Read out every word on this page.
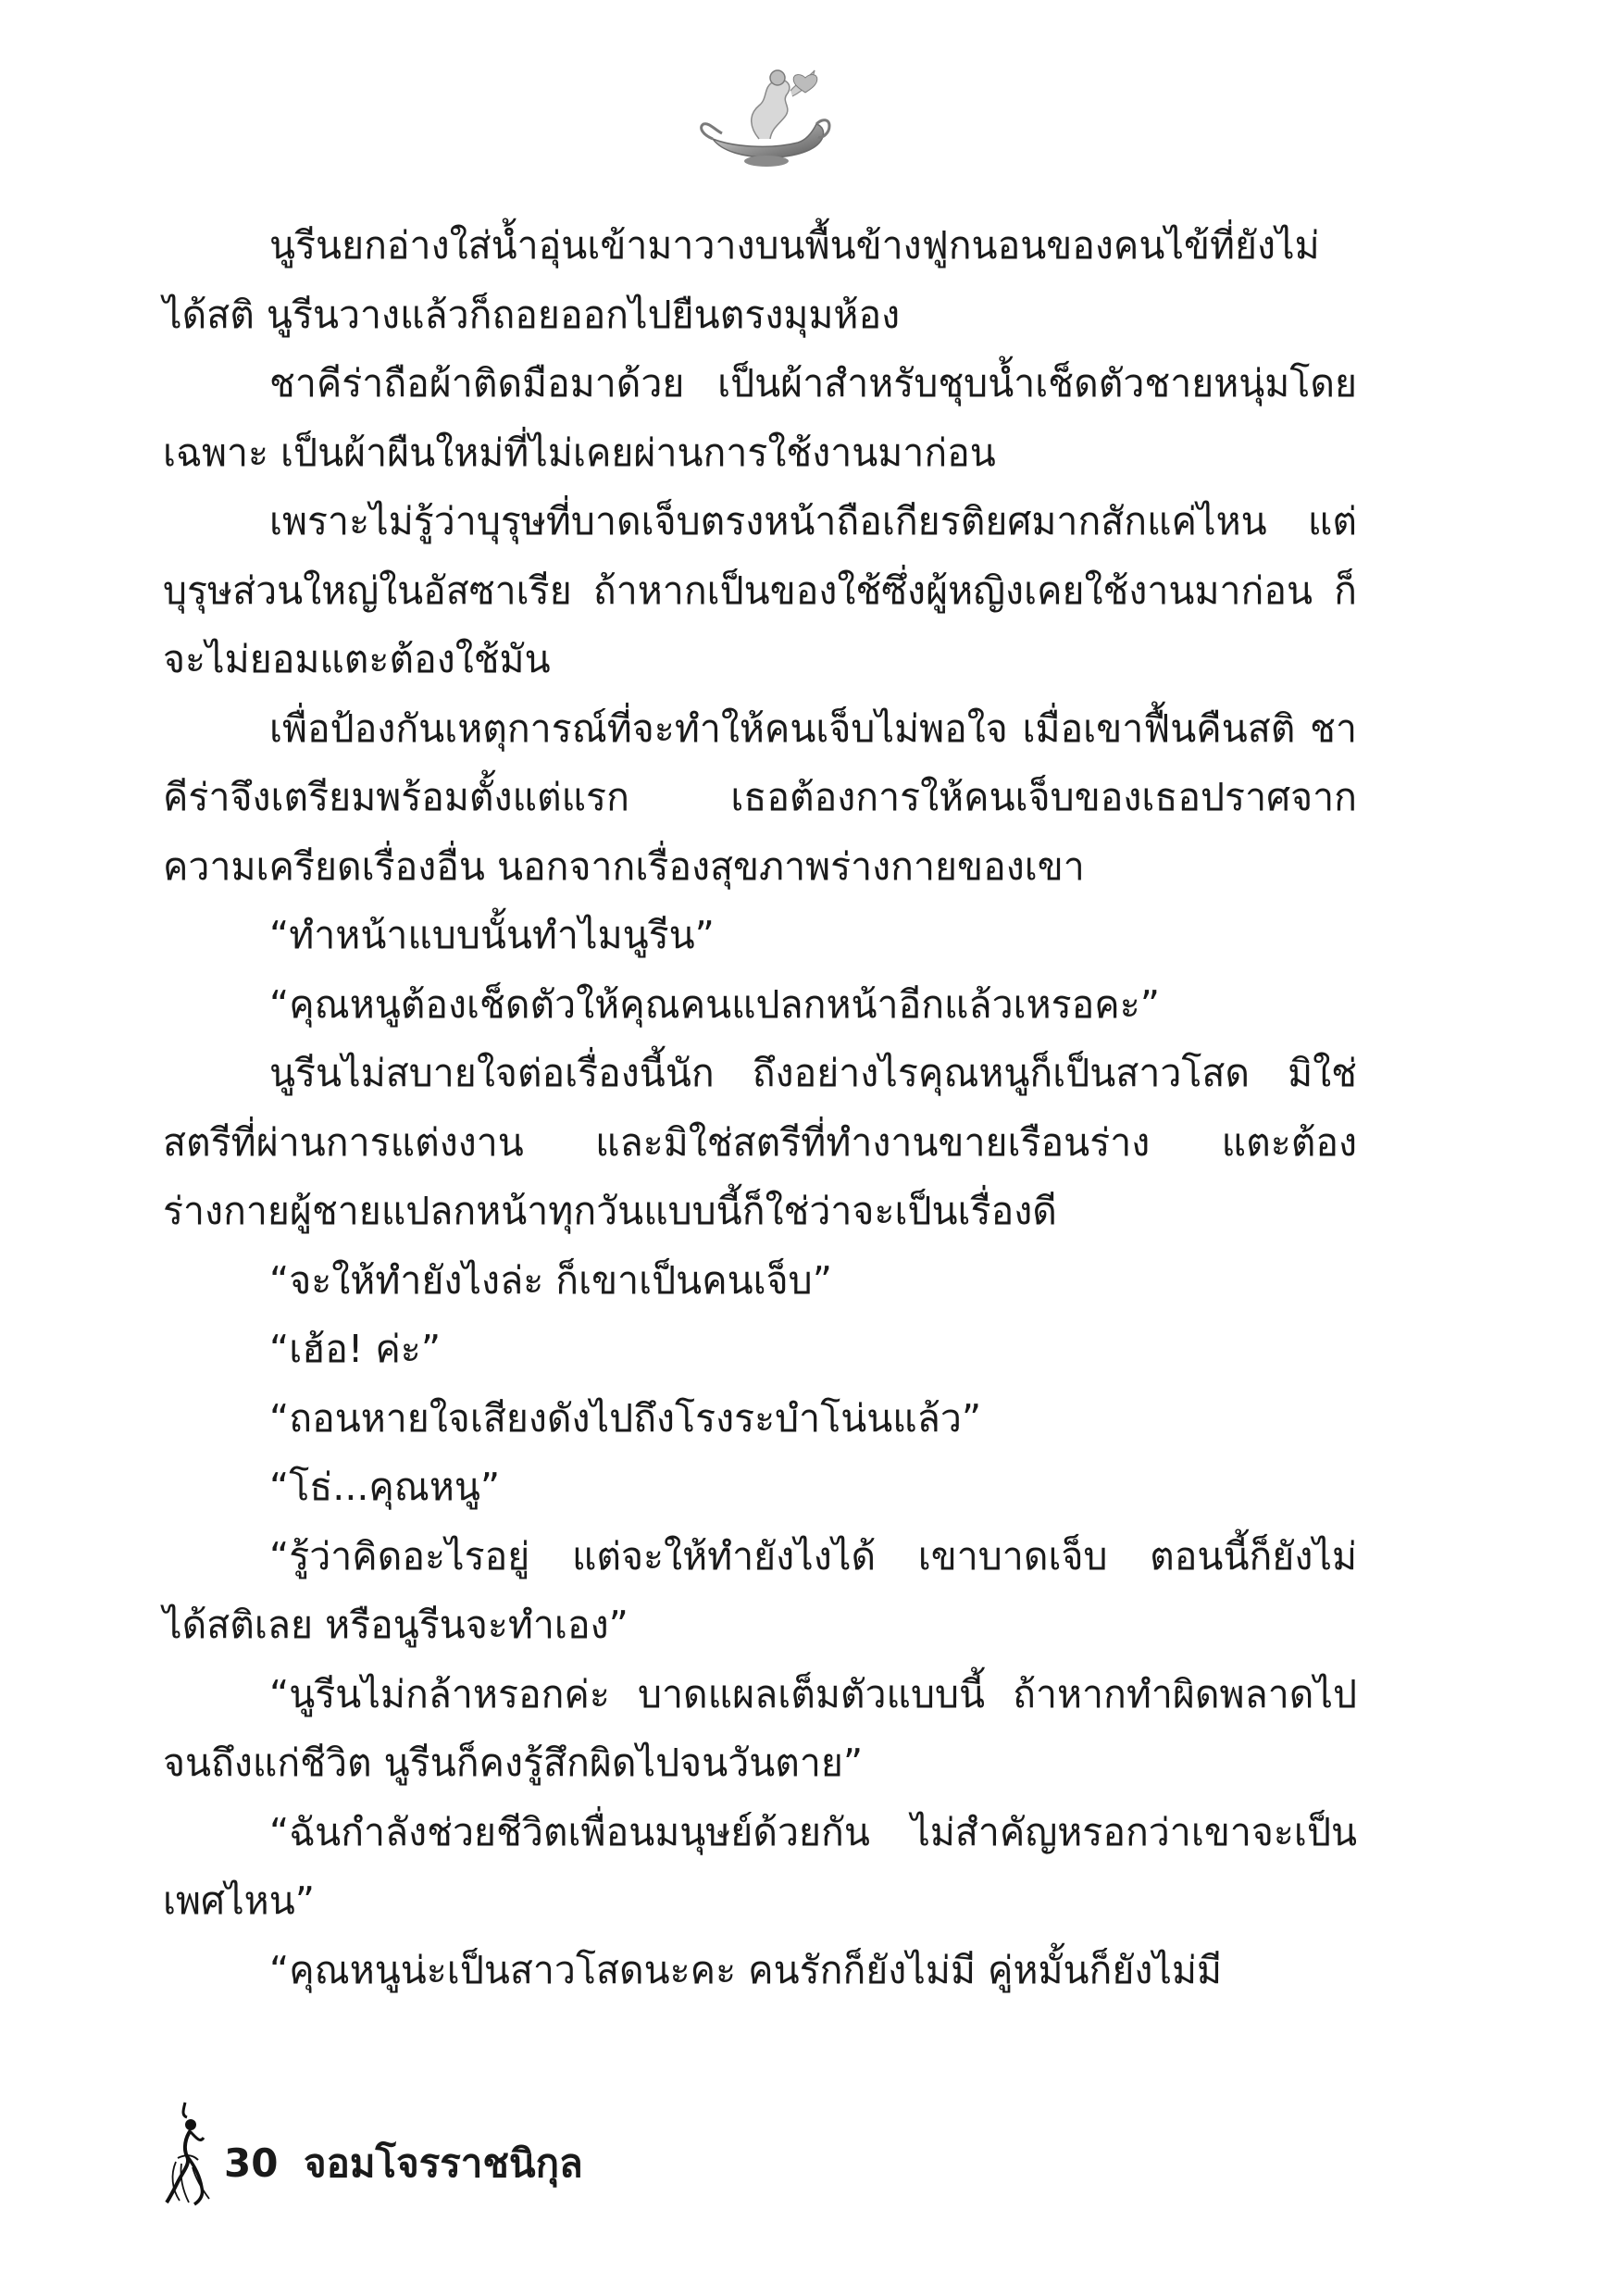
นูรีนยกอ่างใส่น้ำอุ่นเข้ามาวางบนพื้นข้างฟูกนอนของคนไข้ที่ยังไม่ได้สติ นูรีนวางแล้วก็ถอยออกไปยืนตรงมุมห้อง

ชาคีร่าถือผ้าติดมือมาด้วย เป็นผ้าสำหรับชุบน้ำเช็ดตัวชายหนุ่มโดยเฉพาะ เป็นผ้าผืนใหม่ที่ไม่เคยผ่านการใช้งานมาก่อน

เพราะไม่รู้ว่าบุรุษที่บาดเจ็บตรงหน้าถือเกียรติยศมากสักแค่ไหน แต่บุรุษส่วนใหญ่ในอัสซาเรีย ถ้าหากเป็นของใช้ซึ่งผู้หญิงเคยใช้งานมาก่อน ก็จะไม่ยอมแตะต้องใช้มัน

เพื่อป้องกันเหตุการณ์ที่จะทำให้คนเจ็บไม่พอใจ เมื่อเขาฟื้นคืนสติ ชาคีร่าจึงเตรียมพร้อมตั้งแต่แรก เธอต้องการให้คนเจ็บของเธอปราศจากความเครียดเรื่องอื่น นอกจากเรื่องสุขภาพร่างกายของเขา

“ทำหน้าแบบนั้นทำไมนูรีน”

“คุณหนูต้องเช็ดตัวให้คุณคนแปลกหน้าอีกแล้วเหรอคะ”

นูรีนไม่สบายใจต่อเรื่องนี้นัก ถึงอย่างไรคุณหนูก็เป็นสาวโสด มิใช่สตรีที่ผ่านการแต่งงาน และมิใช่สตรีที่ทำงานขายเรือนร่าง แตะต้องร่างกายผู้ชายแปลกหน้าทุกวันแบบนี้ก็ใช่ว่าจะเป็นเรื่องดี

“จะให้ทำยังไงล่ะ ก็เขาเป็นคนเจ็บ”

“เฮ้อ! ค่ะ”

“ถอนหายใจเสียงดังไปถึงโรงระบำโน่นแล้ว”

“โธ่...คุณหนู”

“รู้ว่าคิดอะไรอยู่ แต่จะให้ทำยังไงได้ เขาบาดเจ็บ ตอนนี้ก็ยังไม่ได้สติเลย หรือนูรีนจะทำเอง”

“นูรีนไม่กล้าหรอกค่ะ บาดแผลเต็มตัวแบบนี้ ถ้าหากทำผิดพลาดไปจนถึงแก่ชีวิต นูรีนก็คงรู้สึกผิดไปจนวันตาย”

“ฉันกำลังช่วยชีวิตเพื่อนมนุษย์ด้วยกัน ไม่สำคัญหรอกว่าเขาจะเป็นเพศไหน”

“คุณหนูน่ะเป็นสาวโสดนะคะ คนรักก็ยังไม่มี คู่หมั้นก็ยังไม่มี

30 จอมโจรราชนิกุล
